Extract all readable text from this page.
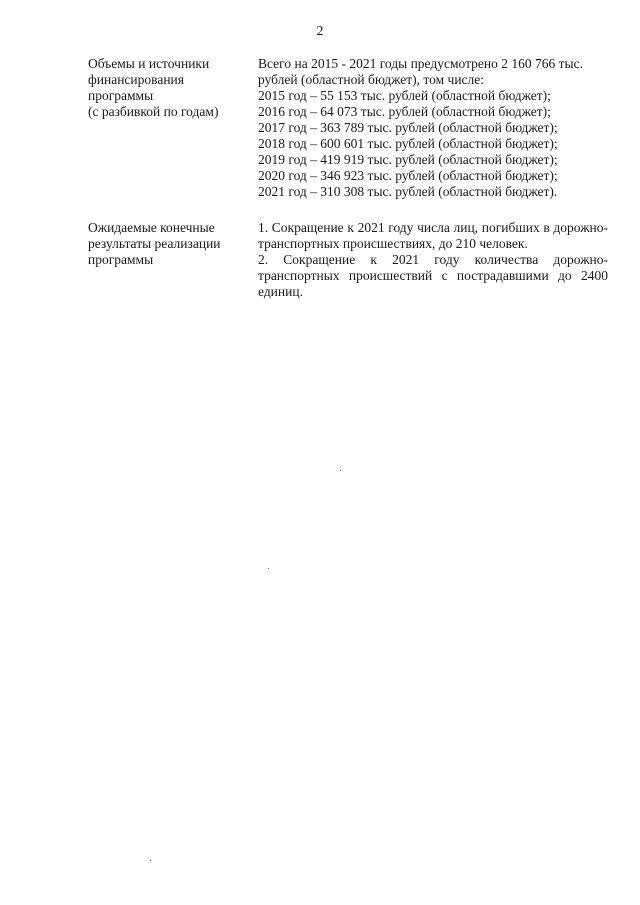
2
Объемы и источники
финансирования
программы
(с разбивкой по годам)
Всего на 2015 - 2021 годы предусмотрено 2 160 766 тыс.
рублей (областной бюджет), том числе:
2015 год – 55 153 тыс. рублей (областной бюджет);
2016 год – 64 073 тыс. рублей (областной бюджет);
2017 год – 363 789 тыс. рублей (областной бюджет);
2018 год – 600 601 тыс. рублей (областной бюджет);
2019 год – 419 919 тыс. рублей (областной бюджет);
2020 год – 346 923 тыс. рублей (областной бюджет);
2021 год – 310 308 тыс. рублей (областной бюджет).
Ожидаемые конечные
результаты реализации
программы
1. Сокращение к 2021 году числа лиц, погибших в дорожно-транспортных происшествиях, до 210 человек.
2. Сокращение к 2021 году количества дорожно-транспортных происшествий с пострадавшими до 2400 единиц.
